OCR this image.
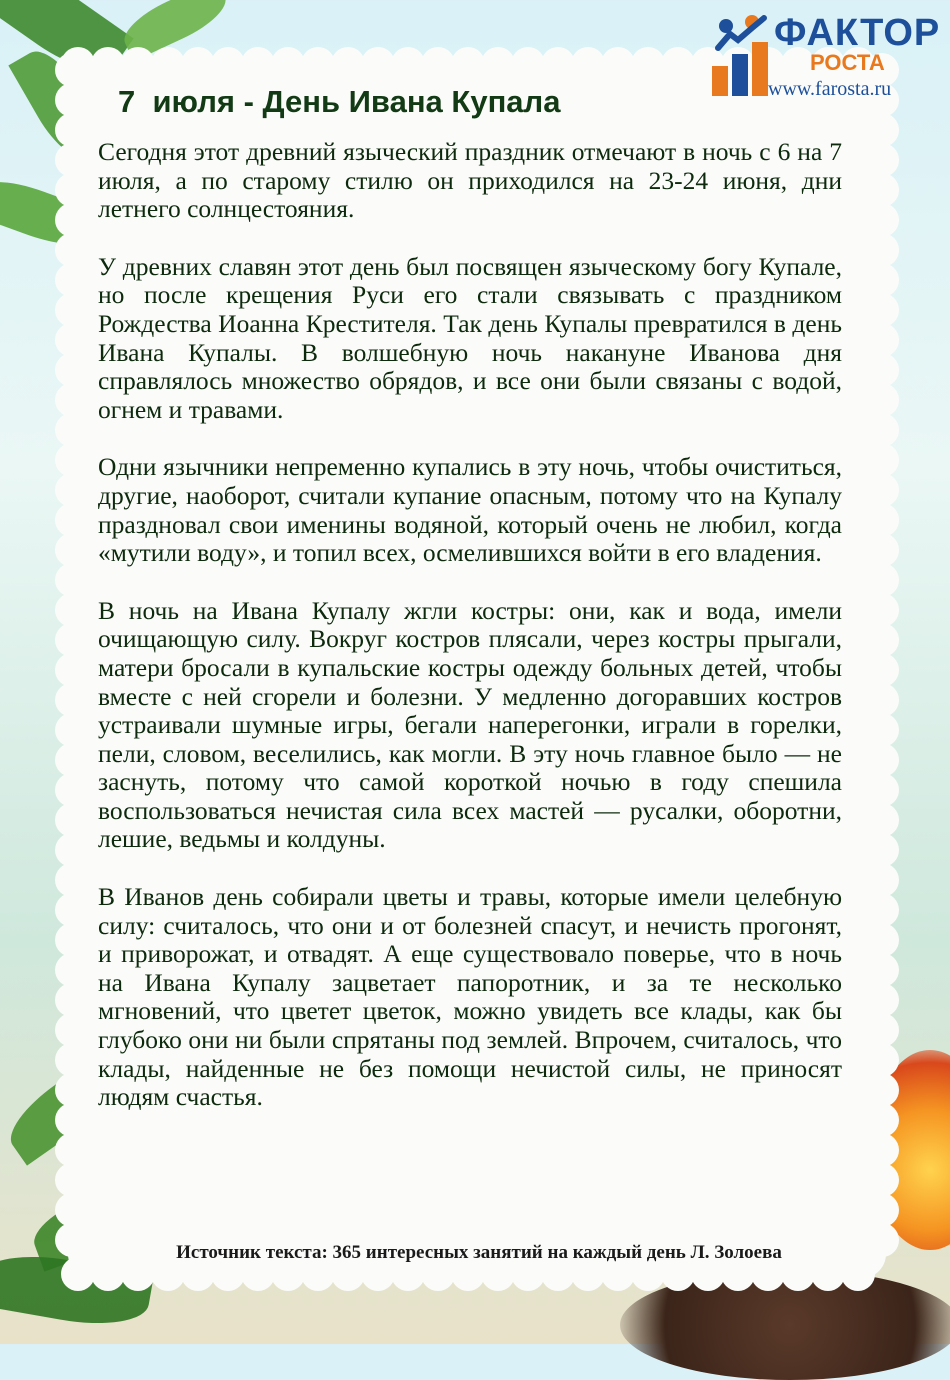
ФАКТОР
РОСТА
www.farosta.ru
7  июля - День Ивана Купала

Сегодня этот древний языческий праздник отмечают в ночь с 6 на 7 июля, а по старому стилю он приходился на 23-24 июня, дни летнего солнцестояния.

У древних славян этот день был посвящен языческому богу Купале, но после крещения Руси его стали связывать с праздником Рождества Иоанна Крестителя. Так день Купалы превратился в день Ивана Купалы. В волшебную ночь накануне Иванова дня справлялось множество обрядов, и все они были связаны с водой, огнем и травами.

Одни язычники непременно купались в эту ночь, чтобы очиститься, другие, наоборот, считали купание опасным, потому что на Купалу праздновал свои именины водяной, который очень не любил, когда «мутили воду», и топил всех, осмелившихся войти в его владения.

В ночь на Ивана Купалу жгли костры: они, как и вода, имели очищающую силу. Вокруг костров плясали, через костры прыгали, матери бросали в купальские костры одежду больных детей, чтобы вместе с ней сгорели и болезни. У медленно догоравших костров устраивали шумные игры, бегали наперегонки, играли в горелки, пели, словом, веселились, как могли. В эту ночь главное было — не заснуть, потому что самой короткой ночью в году спешила воспользоваться нечистая сила всех мастей — русалки, оборотни, лешие, ведьмы и колдуны.

В Иванов день собирали цветы и травы, которые имели целебную силу: считалось, что они и от болезней спасут, и нечисть прогонят, и приворожат, и отвадят. А еще существовало поверье, что в ночь на Ивана Купалу зацветает папоротник, и за те несколько мгновений, что цветет цветок, можно увидеть все клады, как бы глубоко они ни были спрятаны под землей. Впрочем, считалось, что клады, найденные не без помощи нечистой силы, не приносят людям счастья.

Источник текста: 365 интересных занятий на каждый день Л. Золоева
